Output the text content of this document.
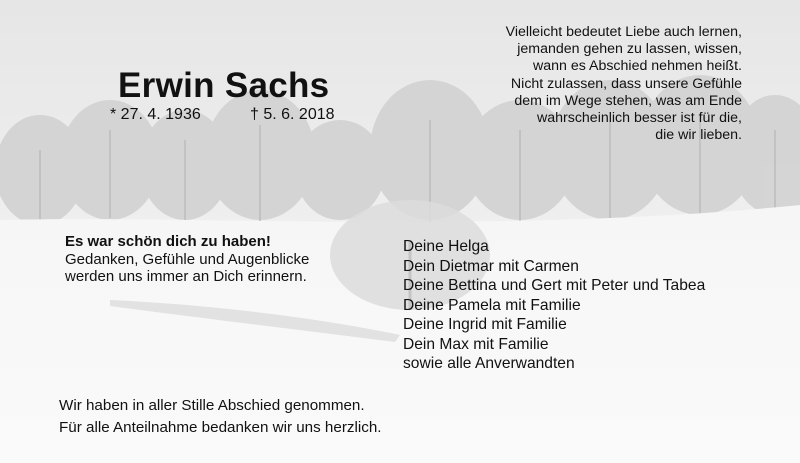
Erwin Sachs
* 27. 4. 1936	† 5. 6. 2018
Vielleicht bedeutet Liebe auch lernen,
jemanden gehen zu lassen, wissen,
wann es Abschied nehmen heißt.
Nicht zulassen, dass unsere Gefühle
dem im Wege stehen, was am Ende
wahrscheinlich besser ist für die,
die wir lieben.
Es war schön dich zu haben!
Gedanken, Gefühle und Augenblicke
werden uns immer an Dich erinnern.
Deine Helga
Dein Dietmar mit Carmen
Deine Bettina und Gert mit Peter und Tabea
Deine Pamela mit Familie
Deine Ingrid mit Familie
Dein Max mit Familie
sowie alle Anverwandten
Wir haben in aller Stille Abschied genommen.
Für alle Anteilnahme bedanken wir uns herzlich.
